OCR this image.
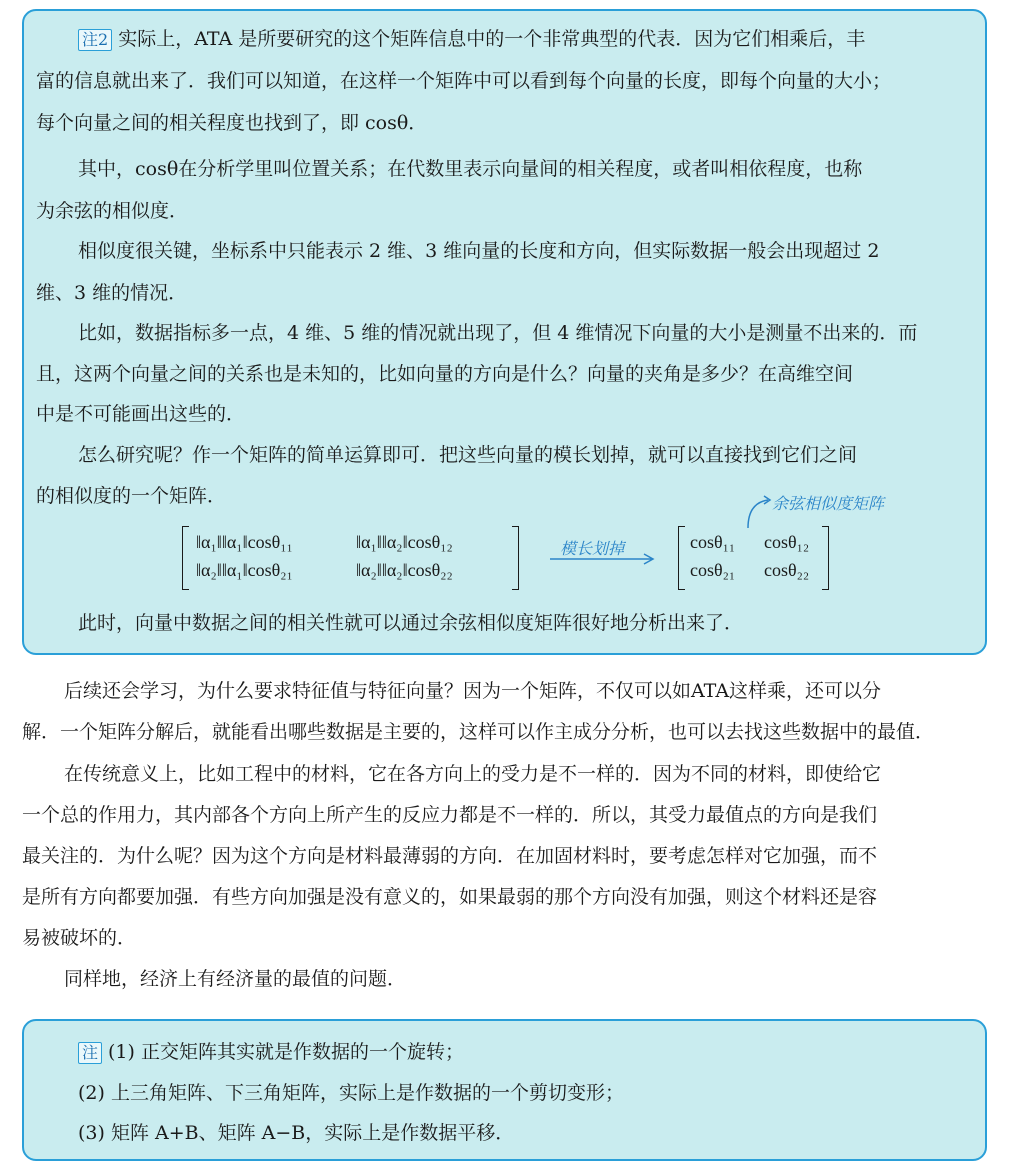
注2 实际上，ATA 是所要研究的这个矩阵信息中的一个非常典型的代表．因为它们相乘后，丰
富的信息就出来了．我们可以知道，在这样一个矩阵中可以看到每个向量的长度，即每个向量的大小；
每个向量之间的相关程度也找到了，即 cosθ．
其中，cosθ在分析学里叫位置关系；在代数里表示向量间的相关程度，或者叫相依程度，也称
为余弦的相似度．
相似度很关键，坐标系中只能表示 2 维、3 维向量的长度和方向，但实际数据一般会出现超过 2
维、3 维的情况．
比如，数据指标多一点，4 维、5 维的情况就出现了，但 4 维情况下向量的大小是测量不出来的．而
且，这两个向量之间的关系也是未知的，比如向量的方向是什么？向量的夹角是多少？在高维空间
中是不可能画出这些的．
怎么研究呢？作一个矩阵的简单运算即可．把这些向量的模长划掉，就可以直接找到它们之间
的相似度的一个矩阵．	余弦相似度矩阵
‖α₁‖‖α₁‖cosθ₁₁	‖α₁‖‖α₂‖cosθ₁₂
‖α₂‖‖α₁‖cosθ₂₁	‖α₂‖‖α₂‖cosθ₂₂
模长划掉	cosθ₁₁ cosθ₁₂
cosθ₂₁ cosθ₂₂
此时，向量中数据之间的相关性就可以通过余弦相似度矩阵很好地分析出来了．
后续还会学习，为什么要求特征值与特征向量？因为一个矩阵，不仅可以如ATA这样乘，还可以分
解．一个矩阵分解后，就能看出哪些数据是主要的，这样可以作主成分分析，也可以去找这些数据中的最值．
在传统意义上，比如工程中的材料，它在各方向上的受力是不一样的．因为不同的材料，即使给它
一个总的作用力，其内部各个方向上所产生的反应力都是不一样的．所以，其受力最值点的方向是我们
最关注的．为什么呢？因为这个方向是材料最薄弱的方向．在加固材料时，要考虑怎样对它加强，而不
是所有方向都要加强．有些方向加强是没有意义的，如果最弱的那个方向没有加强，则这个材料还是容
易被破坏的．
同样地，经济上有经济量的最值的问题．
注 (1) 正交矩阵其实就是作数据的一个旋转；
(2) 上三角矩阵、下三角矩阵，实际上是作数据的一个剪切变形；
(3) 矩阵 A+B、矩阵 A−B，实际上是作数据平移．
